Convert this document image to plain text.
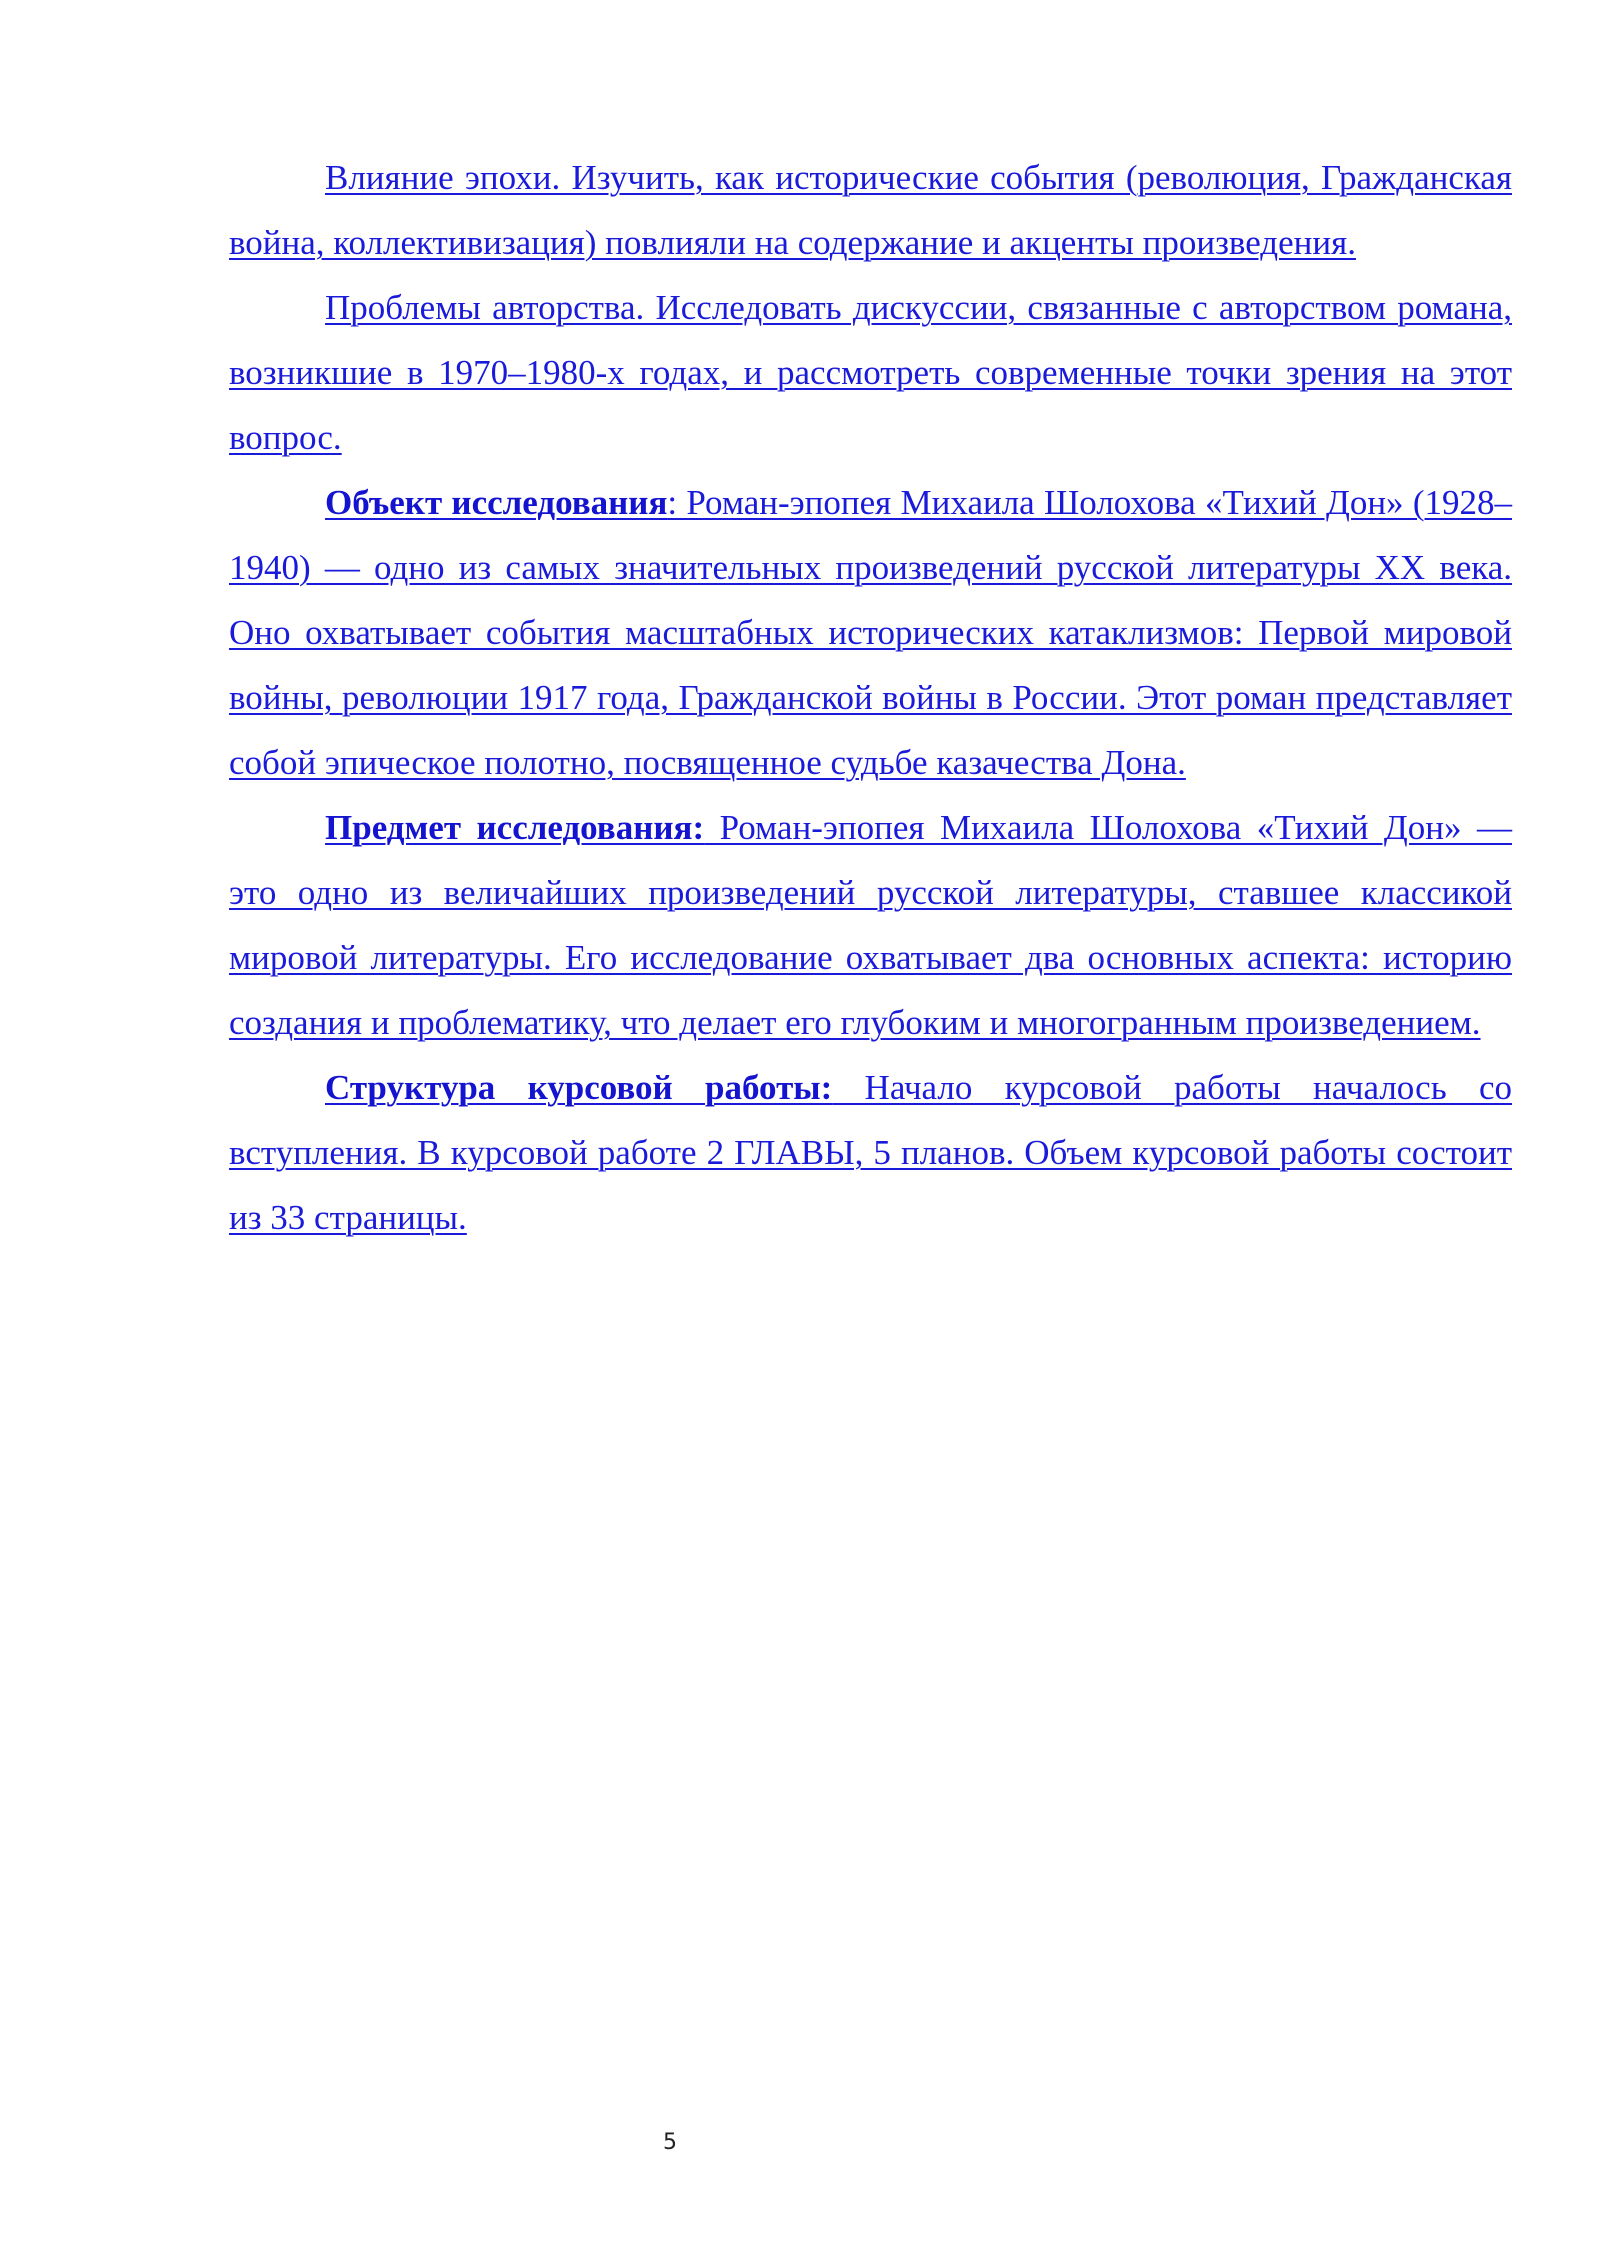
Влияние эпохи. Изучить, как исторические события (революция, Гражданская война, коллективизация) повлияли на содержание и акценты произведения.

Проблемы авторства. Исследовать дискуссии, связанные с авторством романа, возникшие в 1970–1980-х годах, и рассмотреть современные точки зрения на этот вопрос.

Объект исследования: Роман-эпопея Михаила Шолохова «Тихий Дон» (1928–1940) — одно из самых значительных произведений русской литературы XX века. Оно охватывает события масштабных исторических катаклизмов: Первой мировой войны, революции 1917 года, Гражданской войны в России. Этот роман представляет собой эпическое полотно, посвященное судьбе казачества Дона.

Предмет исследования: Роман-эпопея Михаила Шолохова «Тихий Дон» — это одно из величайших произведений русской литературы, ставшее классикой мировой литературы. Его исследование охватывает два основных аспекта: историю создания и проблематику, что делает его глубоким и многогранным произведением.

Структура курсовой работы: Начало курсовой работы началось со вступления. В курсовой работе 2 ГЛАВЫ, 5 планов. Объем курсовой работы состоит из 33 страницы.

5
